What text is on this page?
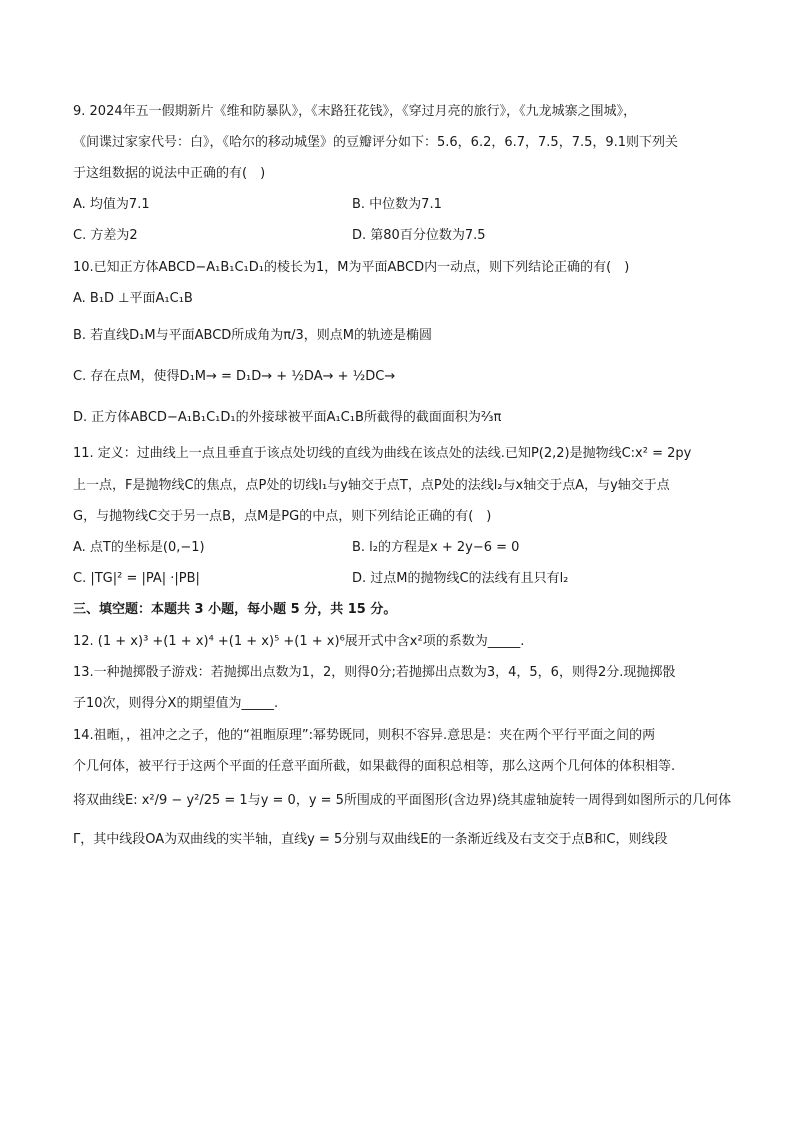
9. 2024年五一假期新片《维和防暴队》，《末路狂花钱》，《穿过月亮的旅行》，《九龙城寨之围城》，
《间谍过家家代号：白》，《哈尔的移动城堡》的豆瓣评分如下：5.6，6.2，6.7，7.5，7.5，9.1则下列关
于这组数据的说法中正确的有(　)
A. 均值为7.1	B. 中位数为7.1
C. 方差为2	D. 第80百分位数为7.5
10.已知正方体ABCD−A₁B₁C₁D₁的棱长为1，M为平面ABCD内一动点，则下列结论正确的有(　)
A. B₁D ⊥平面A₁C₁B
B. 若直线D₁M与平面ABCD所成角为π/3，则点M的轨迹是椭圆
C. 存在点M，使得D₁M→ = D₁D→ + ½DA→ + ½DC→
D. 正方体ABCD−A₁B₁C₁D₁的外接球被平面A₁C₁B所截得的截面面积为⅔π
11. 定义：过曲线上一点且垂直于该点处切线的直线为曲线在该点处的法线.已知P(2,2)是抛物线C:x² = 2py
上一点，F是抛物线C的焦点，点P处的切线l₁与y轴交于点T，点P处的法线l₂与x轴交于点A，与y轴交于点
G，与抛物线C交于另一点B，点M是PG的中点，则下列结论正确的有(　)
A. 点T的坐标是(0,−1)	B. l₂的方程是x + 2y−6 = 0
C. |TG|² = |PA| ·|PB|	D. 过点M的抛物线C的法线有且只有l₂
三、填空题：本题共 3 小题，每小题 5 分，共 15 分。
12. (1 + x)³ +(1 + x)⁴ +(1 + x)⁵ +(1 + x)⁶展开式中含x²项的系数为_____.
13.一种抛掷骰子游戏：若抛掷出点数为1，2，则得0分;若抛掷出点数为3，4，5，6，则得2分.现抛掷骰
子10次，则得分X的期望值为_____.
14.祖暅，，祖冲之之子，他的“祖暅原理”:幂势既同，则积不容异.意思是：夹在两个平行平面之间的两
个几何体，被平行于这两个平面的任意平面所截，如果截得的面积总相等，那么这两个几何体的体积相等.
将双曲线E: x²/9 − y²/25 = 1与y = 0，y = 5所围成的平面图形(含边界)绕其虚轴旋转一周得到如图所示的几何体
Γ，其中线段OA为双曲线的实半轴，直线y = 5分别与双曲线E的一条渐近线及右支交于点B和C，则线段
